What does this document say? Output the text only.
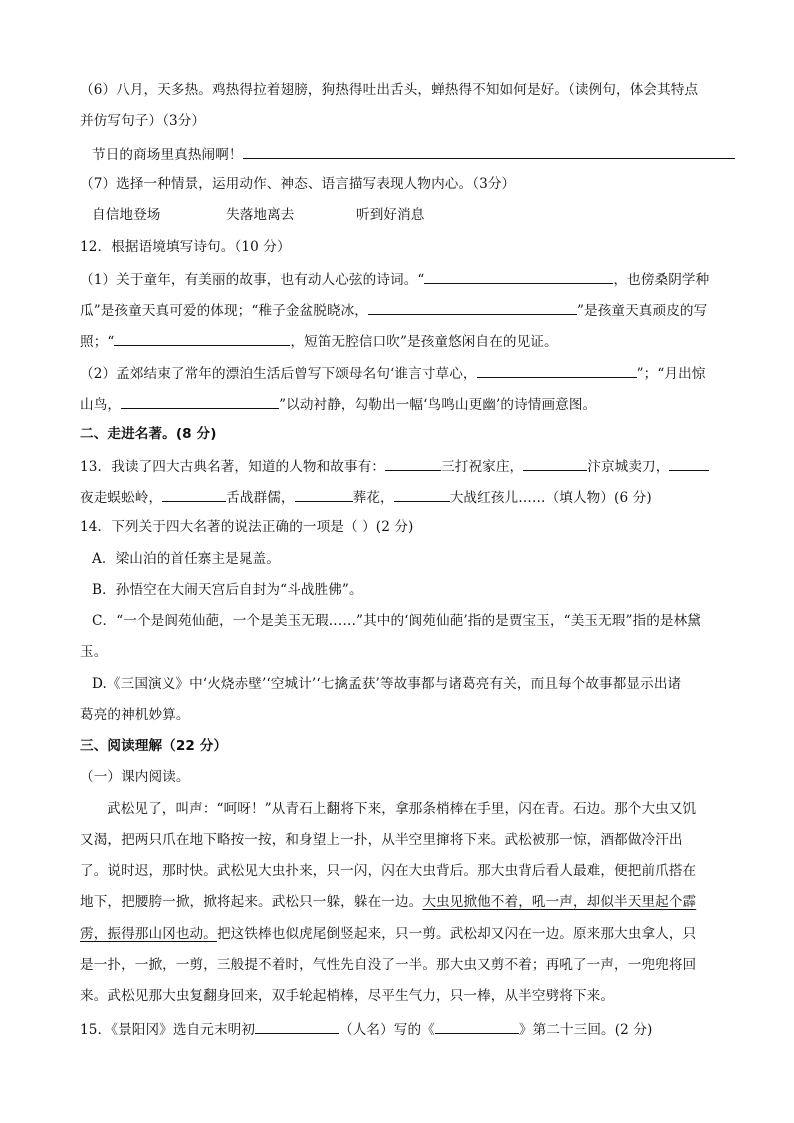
（6）八月，天多热。鸡热得拉着翅膀，狗热得吐出舌头，蝉热得不知如何是好。（读例句，体会其特点
并仿写句子）（3分）
节日的商场里真热闹啊！
（7）选择一种情景，运用动作、神态、语言描写表现人物内心。（3分）
自信地登场	失落地离去	听到好消息
12．根据语境填写诗句。（10 分）
（1）关于童年，有美丽的故事，也有动人心弦的诗词。“	，也傍桑阴学种
瓜”是孩童天真可爱的体现；“稚子金盆脱晓冰，	”是孩童天真顽皮的写
照；“	，短笛无腔信口吹”是孩童悠闲自在的见证。
（2）孟郊结束了常年的漂泊生活后曾写下颂母名句‘谁言寸草心，	”；“月出惊
山鸟，	”以动衬静，勾勒出一幅‘鸟鸣山更幽’的诗情画意图。
二、走进名著。(8 分)
13．我读了四大古典名著，知道的人物和故事有：	三打祝家庄，	汴京城卖刀，
夜走蜈蚣岭，	舌战群儒，	葬花，	大战红孩儿……（填人物）(6 分)
14．下列关于四大名著的说法正确的一项是（ ）(2 分)
A．梁山泊的首任寨主是晁盖。
B．孙悟空在大闹天宫后自封为“斗战胜佛”。
C．“一个是阆苑仙葩，一个是美玉无瑕……”其中的‘阆苑仙葩’指的是贾宝玉，“美玉无瑕”指的是林黛
玉。
D.《三国演义》中‘火烧赤壁’‘空城计’‘七擒孟获’等故事都与诸葛亮有关，而且每个故事都显示出诸
葛亮的神机妙算。
三、阅读理解（22 分）
（一）课内阅读。
武松见了，叫声：“呵呀！”从青石上翻将下来，拿那条梢棒在手里，闪在青。石边。那个大虫又饥
又渴，把两只爪在地下略按一按，和身望上一扑，从半空里撺将下来。武松被那一惊，酒都做冷汗出
了。说时迟，那时快。武松见大虫扑来，只一闪，闪在大虫背后。那大虫背后看人最难，便把前爪搭在
地下，把腰胯一掀，掀将起来。武松只一躲，躲在一边。大虫见掀他不着，吼一声，却似半天里起个霹
雳，振得那山冈也动。把这铁棒也似虎尾倒竖起来，只一剪。武松却又闪在一边。原来那大虫拿人，只
是一扑，一掀，一剪，三般提不着时，气性先自没了一半。那大虫又剪不着；再吼了一声，一兜兜将回
来。武松见那大虫复翻身回来，双手轮起梢棒，尽平生气力，只一棒，从半空劈将下来。
15．《景阳冈》选自元末明初	（人名）写的《	》第二十三回。(2 分)
